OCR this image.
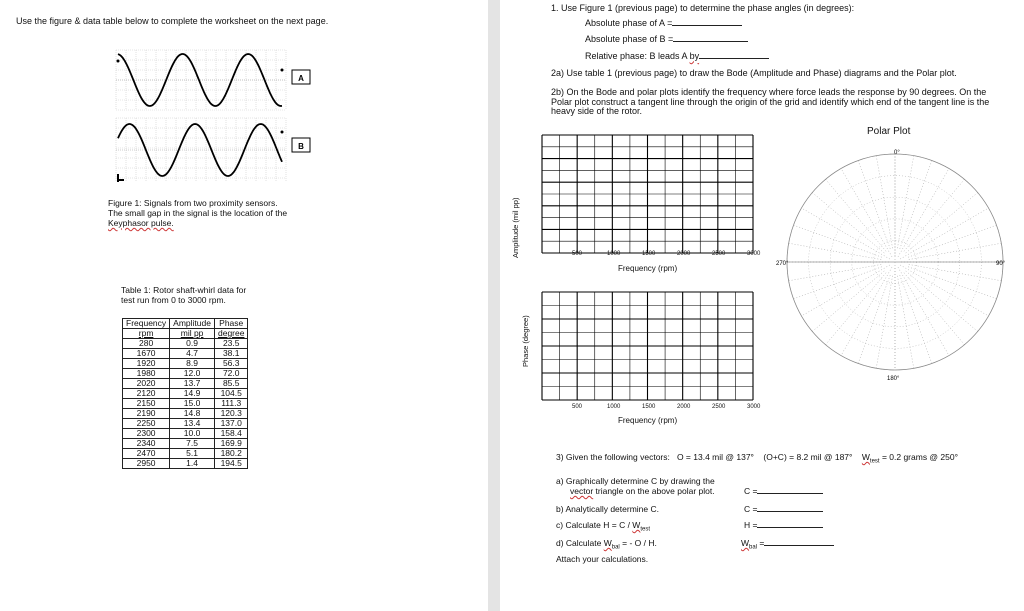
Use the figure & data table below to complete the worksheet on the next page.
A
B
Figure 1: Signals from two proximity sensors.
The small gap in the signal is the location of the
Keyphasor pulse.
Table 1: Rotor shaft-whirl data for
test run from 0 to 3000 rpm.
Frequency	Amplitude	Phase
rpm	mil pp	degree
280	0.9	23.5
1670	4.7	38.1
1920	8.9	56.3
1980	12.0	72.0
2020	13.7	85.5
2120	14.9	104.5
2150	15.0	111.3
2190	14.8	120.3
2250	13.4	137.0
2300	10.0	158.4
2340	7.5	169.9
2470	5.1	180.2
2950	1.4	194.5
1. Use Figure 1 (previous page) to determine the phase angles (in degrees):
Absolute phase of A =
Absolute phase of B =
Relative phase: B leads A by
2a) Use table 1 (previous page) to draw the Bode (Amplitude and Phase) diagrams and the Polar plot.
2b) On the Bode and polar plots identify the frequency where force leads the response by 90 degrees. On the Polar plot construct a tangent line through the origin of the grid and identify which end of the tangent line is the heavy side of the rotor.
Amplitude (mil pp)	500	1000	1500	2000	2500	3000
Frequency (rpm)
Phase (degree)
500	1000	1500	2000	2500	3000
Frequency (rpm)
Polar Plot
0°
90°
180°
270°
3) Given the following vectors: O = 13.4 mil @ 137° (O+C) = 8.2 mil @ 187° $W_{test} = 0.2$ grams @ 250°
a) Graphically determine C by drawing the
vector triangle on the above polar plot.	C =
b) Analytically determine C.	C =
c) Calculate $H = C / W_{test}$	H =
d) Calculate $W_{bal}$ = - O / H.	$W_{bal}$ =
Attach your calculations.
